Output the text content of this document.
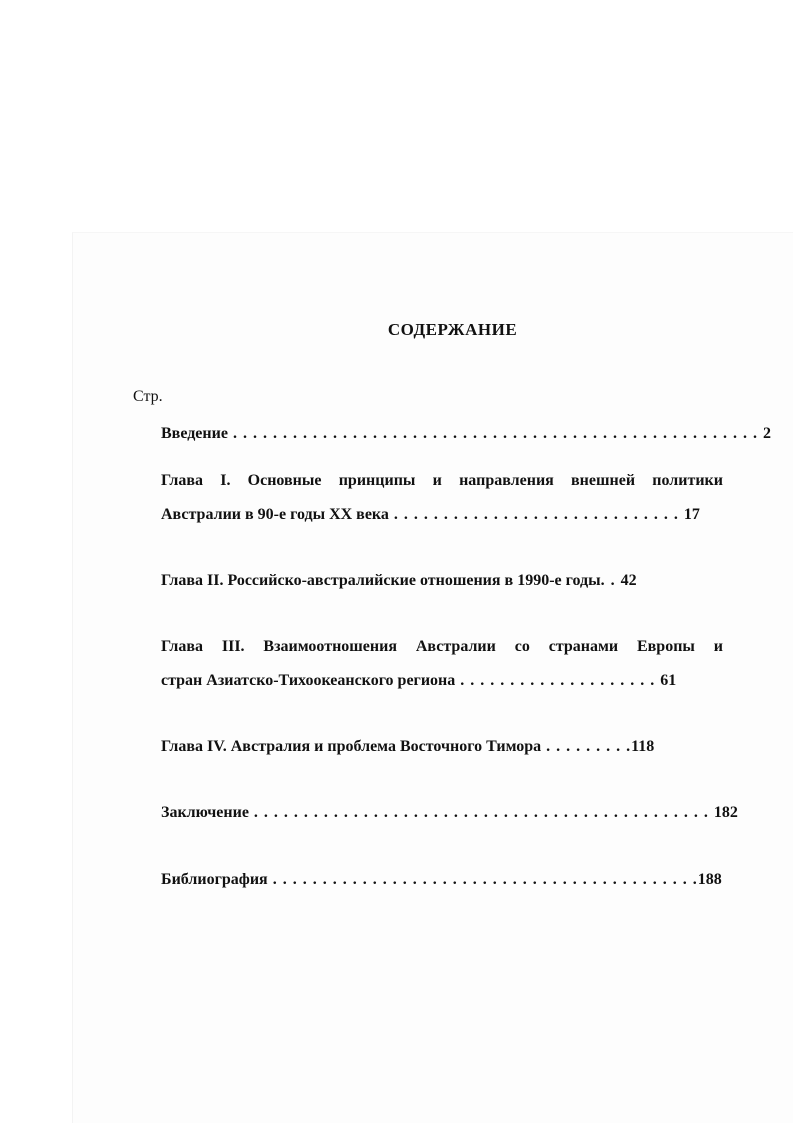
СОДЕРЖАНИЕ
Стр.
Введение . . . . . . . . . . . . . . . . . . . . . . . . . . . . . . . . . . . . . . . . . . . . . . . . . . . . . 2
Глава I. Основные принципы и направления внешней политики
Австралии в 90-е годы XX века . . . . . . . . . . . . . . . . . . . . . . . . . . . . . 17
Глава II. Российско-австралийские отношения в 1990-е годы. . 42
Глава III. Взаимоотношения Австралии со странами Европы и
стран Азиатско-Тихоокеанского региона . . . . . . . . . . . . . . . . . . . . 61
Глава IV. Австралия и проблема Восточного Тимора . . . . . . . . .118
Заключение . . . . . . . . . . . . . . . . . . . . . . . . . . . . . . . . . . . . . . . . . . . . . . 182
Библиография . . . . . . . . . . . . . . . . . . . . . . . . . . . . . . . . . . . . . . . . . . .188
